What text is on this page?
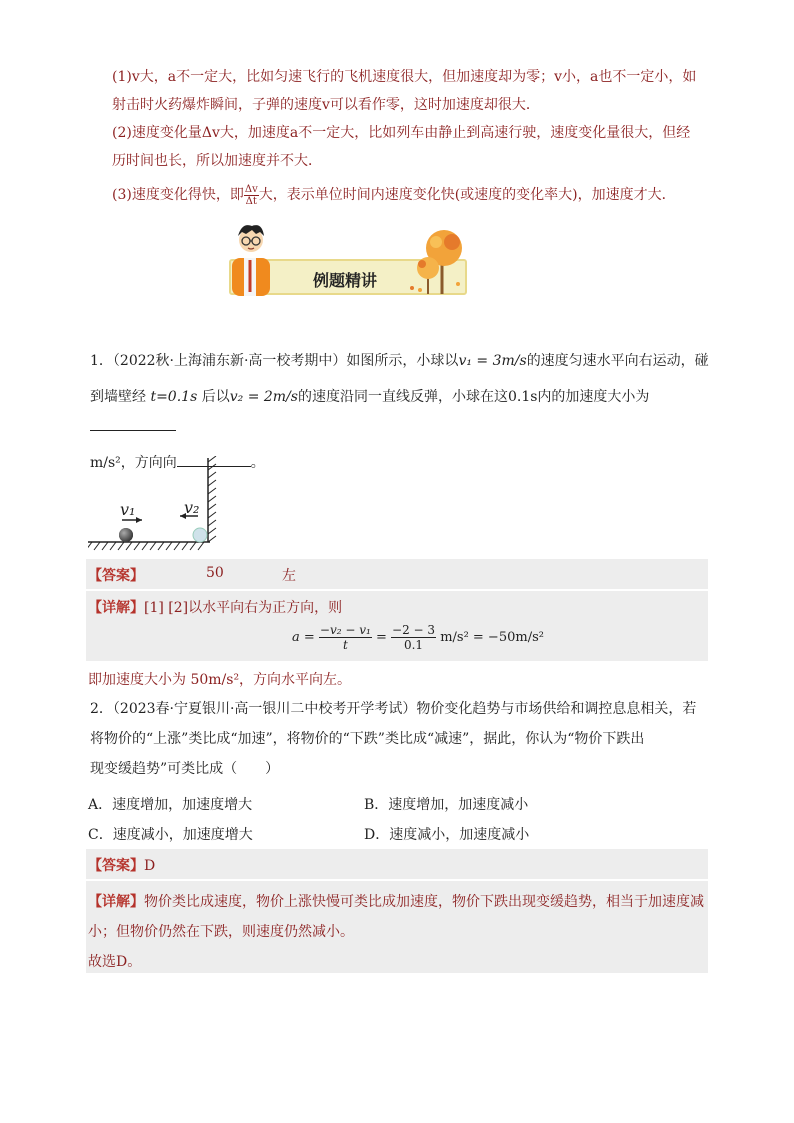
(1)v大，a不一定大，比如匀速飞行的飞机速度很大，但加速度却为零；v小，a也不一定小，如

射击时火药爆炸瞬间，子弹的速度v可以看作零，这时加速度却很大．

(2)速度变化量Δv大，加速度a不一定大，比如列车由静止到高速行驶，速度变化量很大，但经

历时间也长，所以加速度并不大．

(3)速度变化得快，即 $\frac{\Delta v}{\Delta t}$ 大，表示单位时间内速度变化快(或速度的变化率大)，加速度才大．

例题精讲
1．（2022秋·上海浦东新·高一校考期中）如图所示，小球以v₁ = 3m/s的速度匀速水平向右运动，碰
到墙壁经 t=0.1s 后以v₂ = 2m/s的速度沿同一直线反弹，小球在这0.1s内的加速度大小为
m/s²，方向向	。
v₁	v₂
【答案】	50	左
【详解】[1] [2]以水平向右为正方向，则
$a = \frac{\text{−v₂ − v₁}}{t} = \frac{-2 - 3}{0.1} m/s^2 = -50m/s^2$
即加速度大小为 50m/s²，方向水平向左。
2．（2023春·宁夏银川·高一银川二中校考开学考试）物价变化趋势与市场供给和调控息息相关，若
将物价的“上涨”类比成“加速”，将物价的“下跌”类比成“减速”，据此，你认为“物价下跌出
现变缓趋势”可类比成（　　）
A．速度增加，加速度增大	B．速度增加，加速度减小
C．速度减小，加速度增大	D．速度减小，加速度减小
【答案】D
【详解】物价类比成速度，物价上涨快慢可类比成加速度，物价下跌出现变缓趋势，相当于加速度减
小；但物价仍然在下跌，则速度仍然减小。
故选D。
